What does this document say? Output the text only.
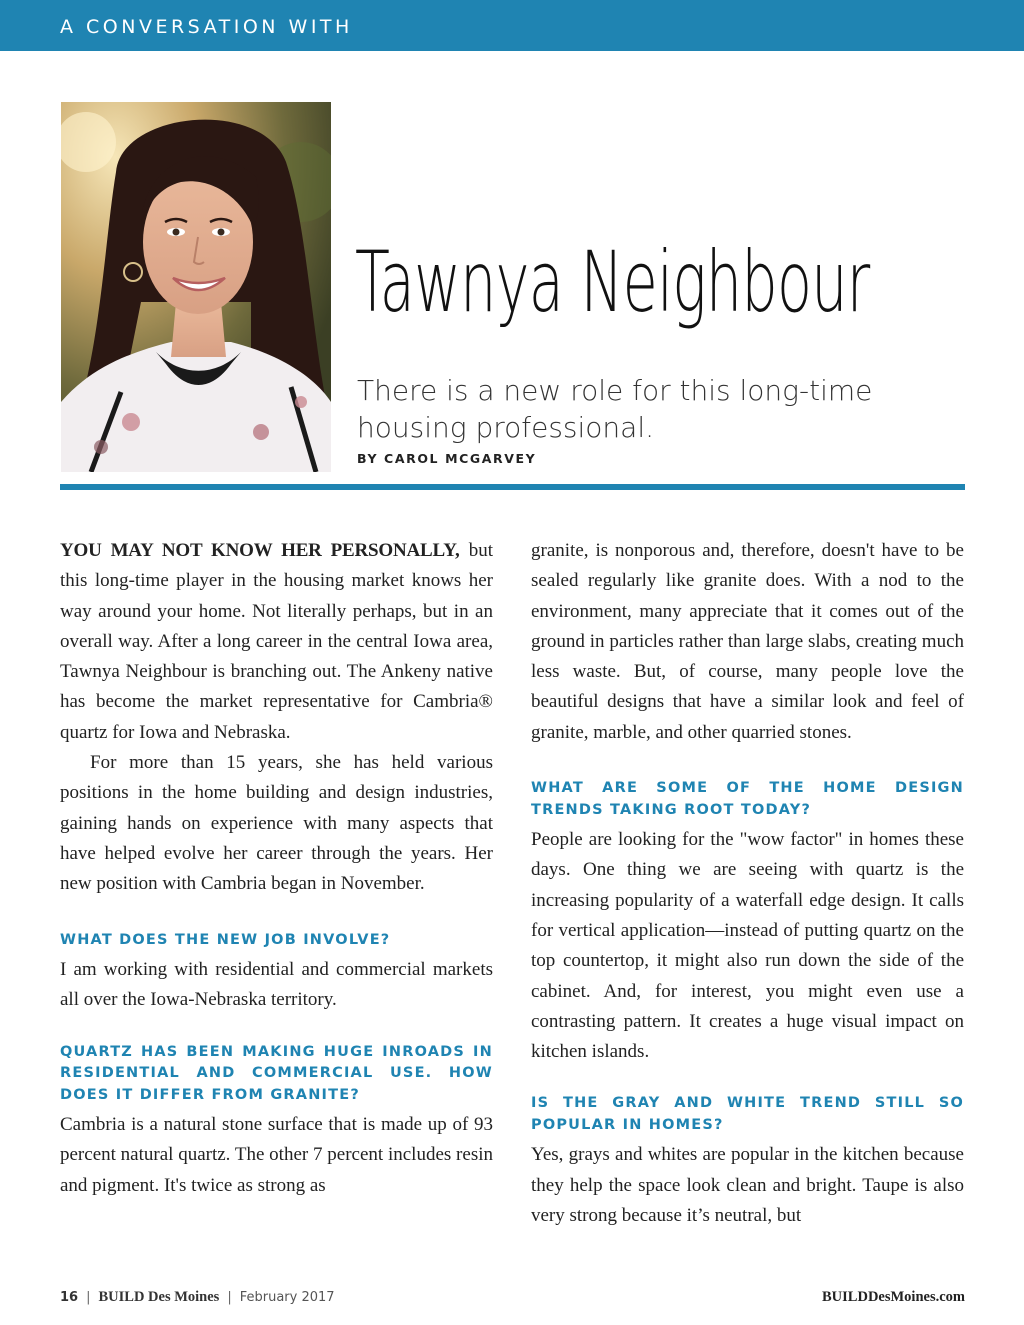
A CONVERSATION WITH
Tawnya Neighbour
There is a new role for this long-time housing professional.
BY CAROL MCGARVEY

YOU MAY NOT KNOW HER PERSONALLY, but this long-time player in the housing market knows her way around your home. Not literally perhaps, but in an overall way. After a long career in the central Iowa area, Tawnya Neighbour is branching out. The Ankeny native has become the market representative for Cambria® quartz for Iowa and Nebraska.

For more than 15 years, she has held various positions in the home building and design industries, gaining hands on experience with many aspects that have helped evolve her career through the years. Her new position with Cambria began in November.

WHAT DOES THE NEW JOB INVOLVE?

I am working with residential and commercial markets all over the Iowa-Nebraska territory.

QUARTZ HAS BEEN MAKING HUGE INROADS IN RESIDENTIAL AND COMMERCIAL USE. HOW DOES IT DIFFER FROM GRANITE?

Cambria is a natural stone surface that is made up of 93 percent natural quartz. The other 7 percent includes resin and pigment. It's twice as strong as

granite, is nonporous and, therefore, doesn't have to be sealed regularly like granite does. With a nod to the environment, many appreciate that it comes out of the ground in particles rather than large slabs, creating much less waste. But, of course, many people love the beautiful designs that have a similar look and feel of granite, marble, and other quarried stones.

WHAT ARE SOME OF THE HOME DESIGN TRENDS TAKING ROOT TODAY?

People are looking for the "wow factor" in homes these days. One thing we are seeing with quartz is the increasing popularity of a waterfall edge design. It calls for vertical application—instead of putting quartz on the top countertop, it might also run down the side of the cabinet. And, for interest, you might even use a contrasting pattern. It creates a huge visual impact on kitchen islands.

IS THE GRAY AND WHITE TREND STILL SO POPULAR IN HOMES?

Yes, grays and whites are popular in the kitchen because they help the space look clean and bright. Taupe is also very strong because it’s neutral, but

16 | BUILD Des Moines | February 2017	BUILDDesMoines.com
